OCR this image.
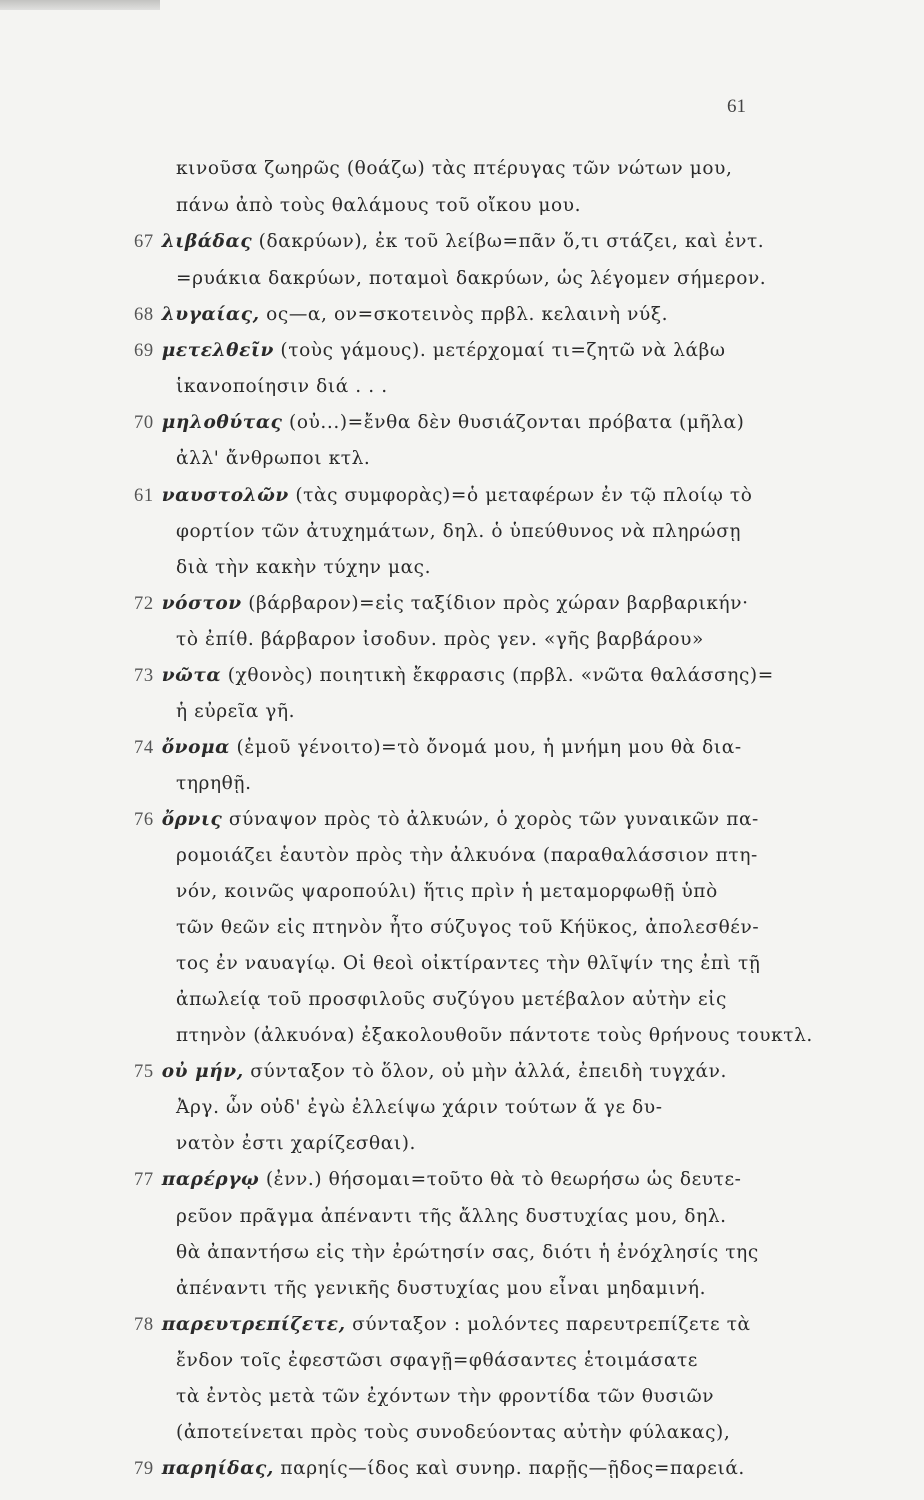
61
κινοῦσα ζωηρῶς (θοάζω) τὰς πτέρυγας τῶν νώτων μου,
πάνω ἀπὸ τοὺς θαλάμους τοῦ οἴκου μου.
67 λιβάδας (δακρύων), ἐκ τοῦ λείβω=πᾶν ὅ,τι στάζει, καὶ ἐντ.
=ρυάκια δακρύων, ποταμοὶ δακρύων, ὡς λέγομεν σήμερον.
68 λυγαίας, ος—α, ον=σκοτεινὸς πρβλ. κελαινὴ νύξ.
69 μετελθεῖν (τοὺς γάμους). μετέρχομαί τι=ζητῶ νὰ λάβω
ἱκανοποίησιν διά . . .
70 μηλοθύτας (οὐ...)=ἔνθα δὲν θυσιάζονται πρόβατα (μῆλα)
ἀλλ' ἄνθρωποι κτλ.
61 ναυστολῶν (τὰς συμφορὰς)=ὁ μεταφέρων ἐν τῷ πλοίῳ τὸ
φορτίον τῶν ἀτυχημάτων, δηλ. ὁ ὑπεύθυνος νὰ πληρώσῃ
διὰ τὴν κακὴν τύχην μας.
72 νόστον (βάρβαρον)=εἰς ταξίδιον πρὸς χώραν βαρβαρικήν·
τὸ ἐπίθ. βάρβαρον ἰσοδυν. πρὸς γεν. «γῆς βαρβάρου»
73 νῶτα (χθονὸς) ποιητικὴ ἔκφρασις (πρβλ. «νῶτα θαλάσσης)=
ἡ εὐρεῖα γῆ.
74 ὄνομα (ἐμοῦ γένοιτο)=τὸ ὄνομά μου, ἡ μνήμη μου θὰ δια-
τηρηθῇ.
76 ὄρνις σύναψον πρὸς τὸ ἀλκυών, ὁ χορὸς τῶν γυναικῶν πα-
ρομοιάζει ἑαυτὸν πρὸς τὴν ἀλκυόνα (παραθαλάσσιον πτη-
νόν, κοινῶς ψαροπούλι) ἥτις πρὶν ἡ μεταμορφωθῇ ὑπὸ
τῶν θεῶν εἰς πτηνὸν ἦτο σύζυγος τοῦ Κήϋκος, ἀπολεσθέν-
τος ἐν ναυαγίῳ. Οἱ θεοὶ οἰκτίραντες τὴν θλῖψίν της ἐπὶ τῇ
ἀπωλείᾳ τοῦ προσφιλοῦς συζύγου μετέβαλον αὐτὴν εἰς
πτηνὸν (ἀλκυόνα) ἐξακολουθοῦν πάντοτε τοὺς θρήνους τουκτλ.
75 οὐ μήν, σύνταξον τὸ ὅλον, οὐ μὴν ἀλλά, ἐπειδὴ τυγχάν.
Ἀργ. ὧν οὐδ' ἐγὼ ἐλλείψω χάριν τούτων ἅ γε δυ-
νατὸν ἐστι χαρίζεσθαι).
77 παρέργῳ (ἐνν.) θήσομαι=τοῦτο θὰ τὸ θεωρήσω ὡς δευτε-
ρεῦον πρᾶγμα ἀπέναντι τῆς ἄλλης δυστυχίας μου, δηλ.
θὰ ἀπαντήσω εἰς τὴν ἐρώτησίν σας, διότι ἡ ἐνόχλησίς της
ἀπέναντι τῆς γενικῆς δυστυχίας μου εἶναι μηδαμινή.
78 παρευτρεπίζετε, σύνταξον : μολόντες παρευτρεπίζετε τὰ
ἔνδον τοῖς ἐφεστῶσι σφαγῇ=φθάσαντες ἑτοιμάσατε
τὰ ἐντὸς μετὰ τῶν ἐχόντων τὴν φροντίδα τῶν θυσιῶν
(ἀποτείνεται πρὸς τοὺς συνοδεύοντας αὐτὴν φύλακας),
79 παρηίδας, παρηίς—ίδος καὶ συνηρ. παρῇς—ῇδος=παρειά.
